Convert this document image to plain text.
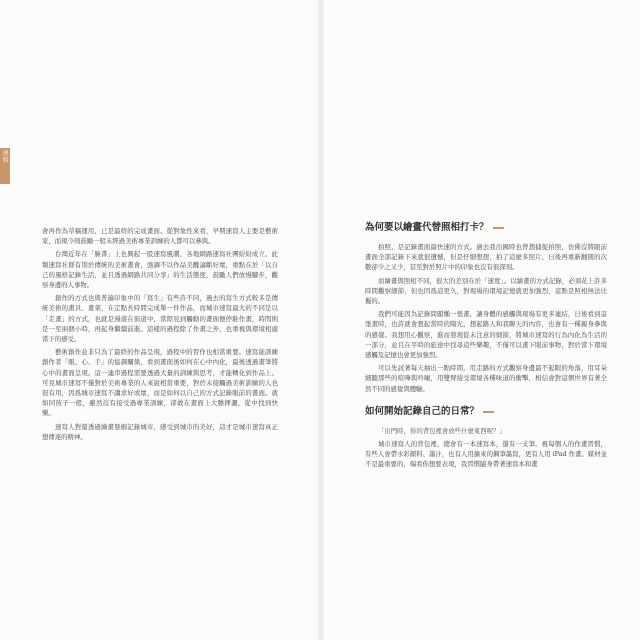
速寫

會再作為草稿運用，已是最終的完成畫面。從對象性來看，早期速寫人主要是藝術家，而現今則鼓勵一般未經過美術專業訓練的人都可以參與。

台灣近年在「臉書」上也興起一股速寫風潮，各地網路速寫社團紛紛成立。此類速寫社群有別於傳統的美術畫會，強調不以作品美醜論斷好壞，重點在於「以自己的風格記錄生活，並且透過網路共同分享」的生活態度，鼓勵人們放慢腳步，觀察身邊的人事物。

創作的方式也與普遍印象中的「寫生」有些許不同，過去的寫生方式較多是傳統美術的畫具、畫架，在定點長時間完成單一件作品，而城市速寫最大的不同是以「走畫」的方式，也就是漫遊在街道中，當際見到觸動的畫面便停駐作畫，時間則是一至兩個小時，再起身繼續前進。這樣的過程除了作畫之外，也重視與環境相處當下的感受。

藝術創作並非只為了最終的作品呈現，過程中的習作也相當重要。速寫能訓練創作者「眼、心、手」的協調關係，看到畫面後如何在心中內化，最後透過畫筆將心中的畫面呈現。這一連串過程需要透過大量的訓練與思考，才能轉化到作品上。可見城市速寫不僅對於美術專業的人來說相當重要，對於未接觸過美術訓練的人也很有用，因爲城市速寫不講求好或壞，而是如何以自己的方式記錄眼前的畫面。就如同孩子一般，雖然沒有接受過專業訓練，卻敢在畫面上大膽揮灑，從中找到快樂。

速寫人對還透過繪畫發掘記錄城市，感受到城市的美好，這才是城市速寫真正想傳達的精神。

為何要以繪畫代替照相打卡？

拍照，是記錄畫面最快速的方式。過去我出國時也曾想捕捉拍照，仿佛沒將眼前畫面全部記錄下來就很遺憾，但是仔細想想，拍了這麼多照片，日後再重新翻閱的次數卻少之又少，甚至對於照片中的印象也沒有很深刻。

而繪畫與照相不同，很大的差別在於「速度」。以繪畫的方式記錄，必須花上許多時間觀察細節，但也因爲這更久，對現場的環境記憶就更加強烈，這點是照相無法比擬的。

我們可能因為記錄問題懶一張畫，讓身體的感觸與現場有更多連結，日後看到這張畫時，也許就會想起當時的陽光、想起路人和我聊天的內容，也會有一種親身參與的感覺。我想用心觀察，進而發現從未注意的細節，將城市速寫的行為內化為生活的一部分，並且在平時的旅途中找尋這些樂趣，不僅可以畫下眼前事物，對於當下環境感觸及記憶也會更加強烈。

可以先試著每天抽出一點時間，用走路的方式觀察身邊最不起眼的角落，用耳朵細聽那些的喧嘩與吟嘯，用雙臂接受環境各種味道的衝擊，相信會對這個世界有著全然不同的感覺與體驗。

如何開始記錄自己的日常？

「出門時，你的背包裡會放些什麼東西呢？」

城市速寫人的背包裡，總會有一本速寫本，還有一支筆。視每個人的作畫習慣，有些人會帶水彩顏料、墨汁，也有人用擴來的鋼筆墨寫，更有人用 iPad 作畫。媒材並不是最重要的，端看你想要表現，我習慣隨身帶著速寫本和畫
